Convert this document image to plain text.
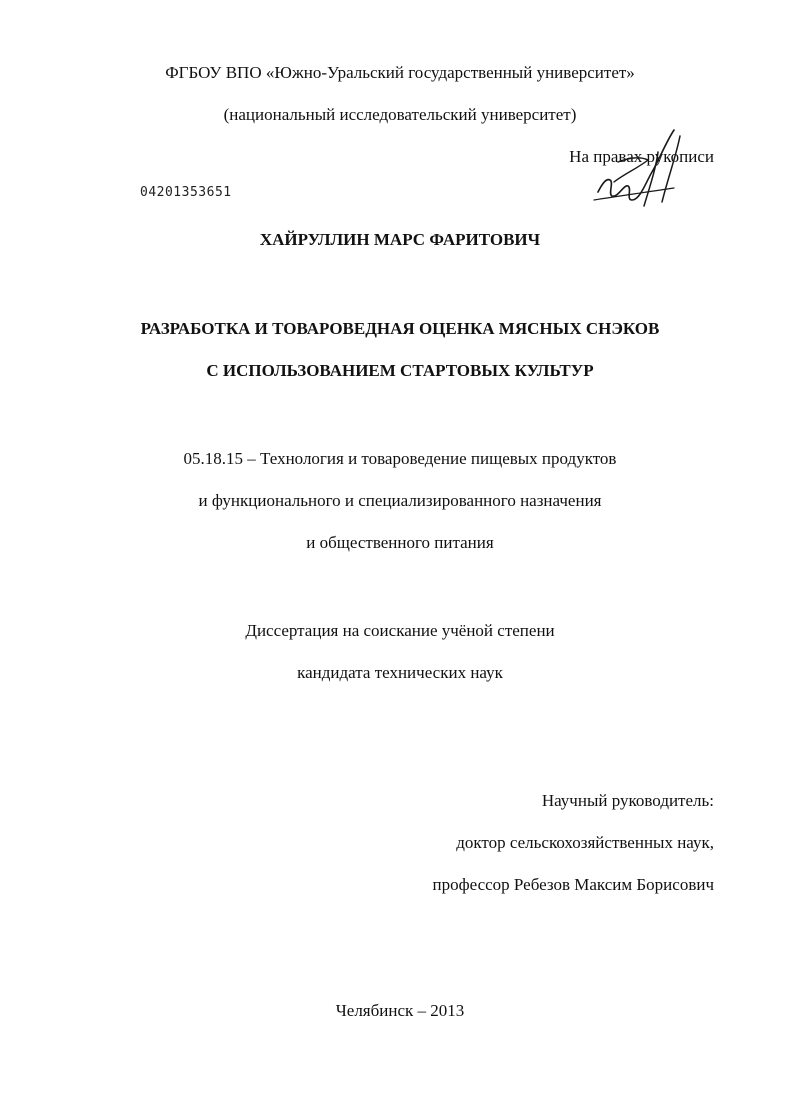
ФГБОУ ВПО «Южно-Уральский государственный университет»
(национальный исследовательский университет)
На правах рукописи
04201353651
ХАЙРУЛЛИН МАРС ФАРИТОВИЧ
РАЗРАБОТКА И ТОВАРОВЕДНАЯ ОЦЕНКА МЯСНЫХ СНЭКОВ
С ИСПОЛЬЗОВАНИЕМ СТАРТОВЫХ КУЛЬТУР
05.18.15 – Технология и товароведение пищевых продуктов
и функционального и специализированного назначения
и общественного питания
Диссертация на соискание учёной степени
кандидата технических наук
Научный руководитель:
доктор сельскохозяйственных наук,
профессор Ребезов Максим Борисович
Челябинск – 2013
